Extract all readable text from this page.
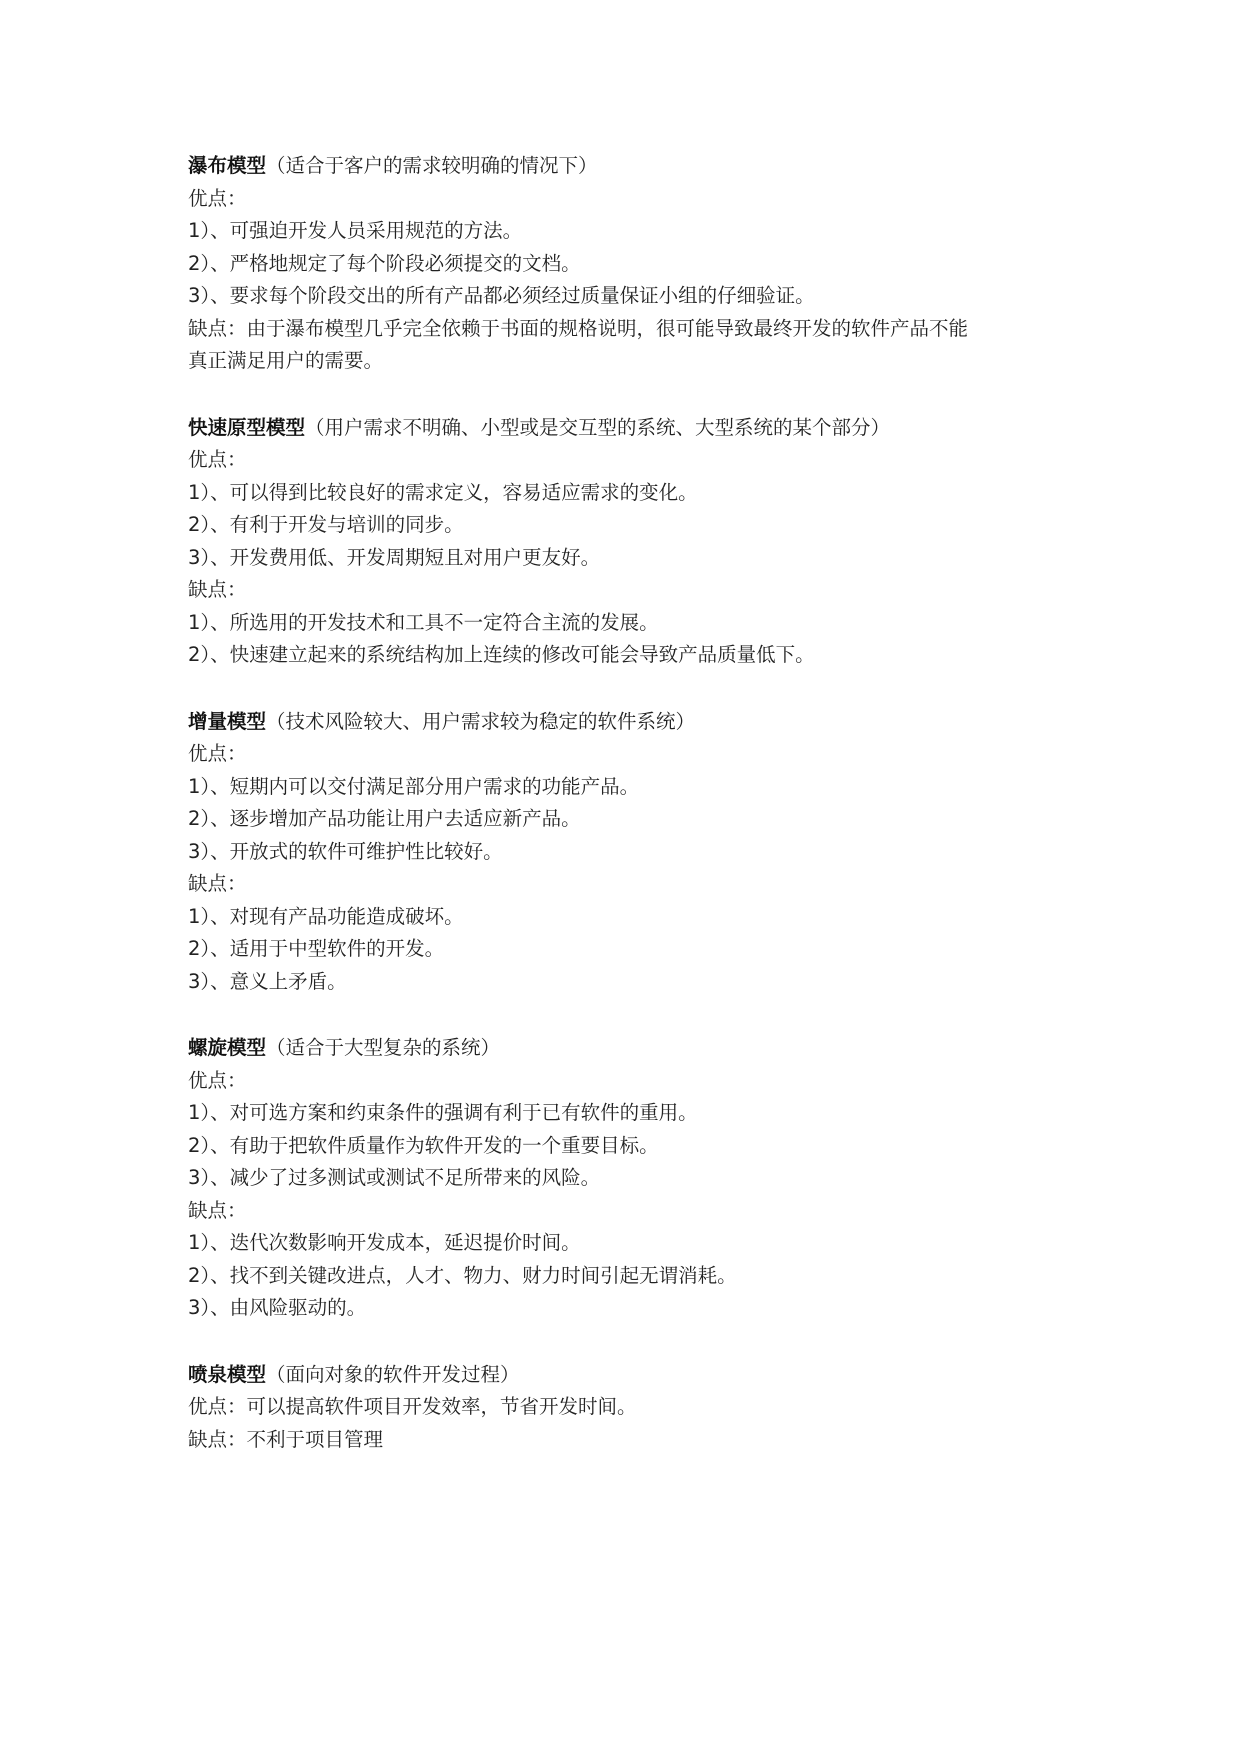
瀑布模型（适合于客户的需求较明确的情况下）
优点：
1）、可强迫开发人员采用规范的方法。
2）、严格地规定了每个阶段必须提交的文档。
3）、要求每个阶段交出的所有产品都必须经过质量保证小组的仔细验证。
缺点：由于瀑布模型几乎完全依赖于书面的规格说明，很可能导致最终开发的软件产品不能
真正满足用户的需要。
快速原型模型（用户需求不明确、小型或是交互型的系统、大型系统的某个部分）
优点：
1）、可以得到比较良好的需求定义，容易适应需求的变化。
2）、有利于开发与培训的同步。
3）、开发费用低、开发周期短且对用户更友好。
缺点：
1）、所选用的开发技术和工具不一定符合主流的发展。
2）、快速建立起来的系统结构加上连续的修改可能会导致产品质量低下。
增量模型（技术风险较大、用户需求较为稳定的软件系统）
优点：
1）、短期内可以交付满足部分用户需求的功能产品。
2）、逐步增加产品功能让用户去适应新产品。
3）、开放式的软件可维护性比较好。
缺点：
1）、对现有产品功能造成破坏。
2）、适用于中型软件的开发。
3）、意义上矛盾。
螺旋模型（适合于大型复杂的系统）
优点：
1）、对可选方案和约束条件的强调有利于已有软件的重用。
2）、有助于把软件质量作为软件开发的一个重要目标。
3）、减少了过多测试或测试不足所带来的风险。
缺点：
1）、迭代次数影响开发成本，延迟提价时间。
2）、找不到关键改进点，人才、物力、财力时间引起无谓消耗。
3）、由风险驱动的。
喷泉模型（面向对象的软件开发过程）
优点：可以提高软件项目开发效率，节省开发时间。
缺点：不利于项目管理
